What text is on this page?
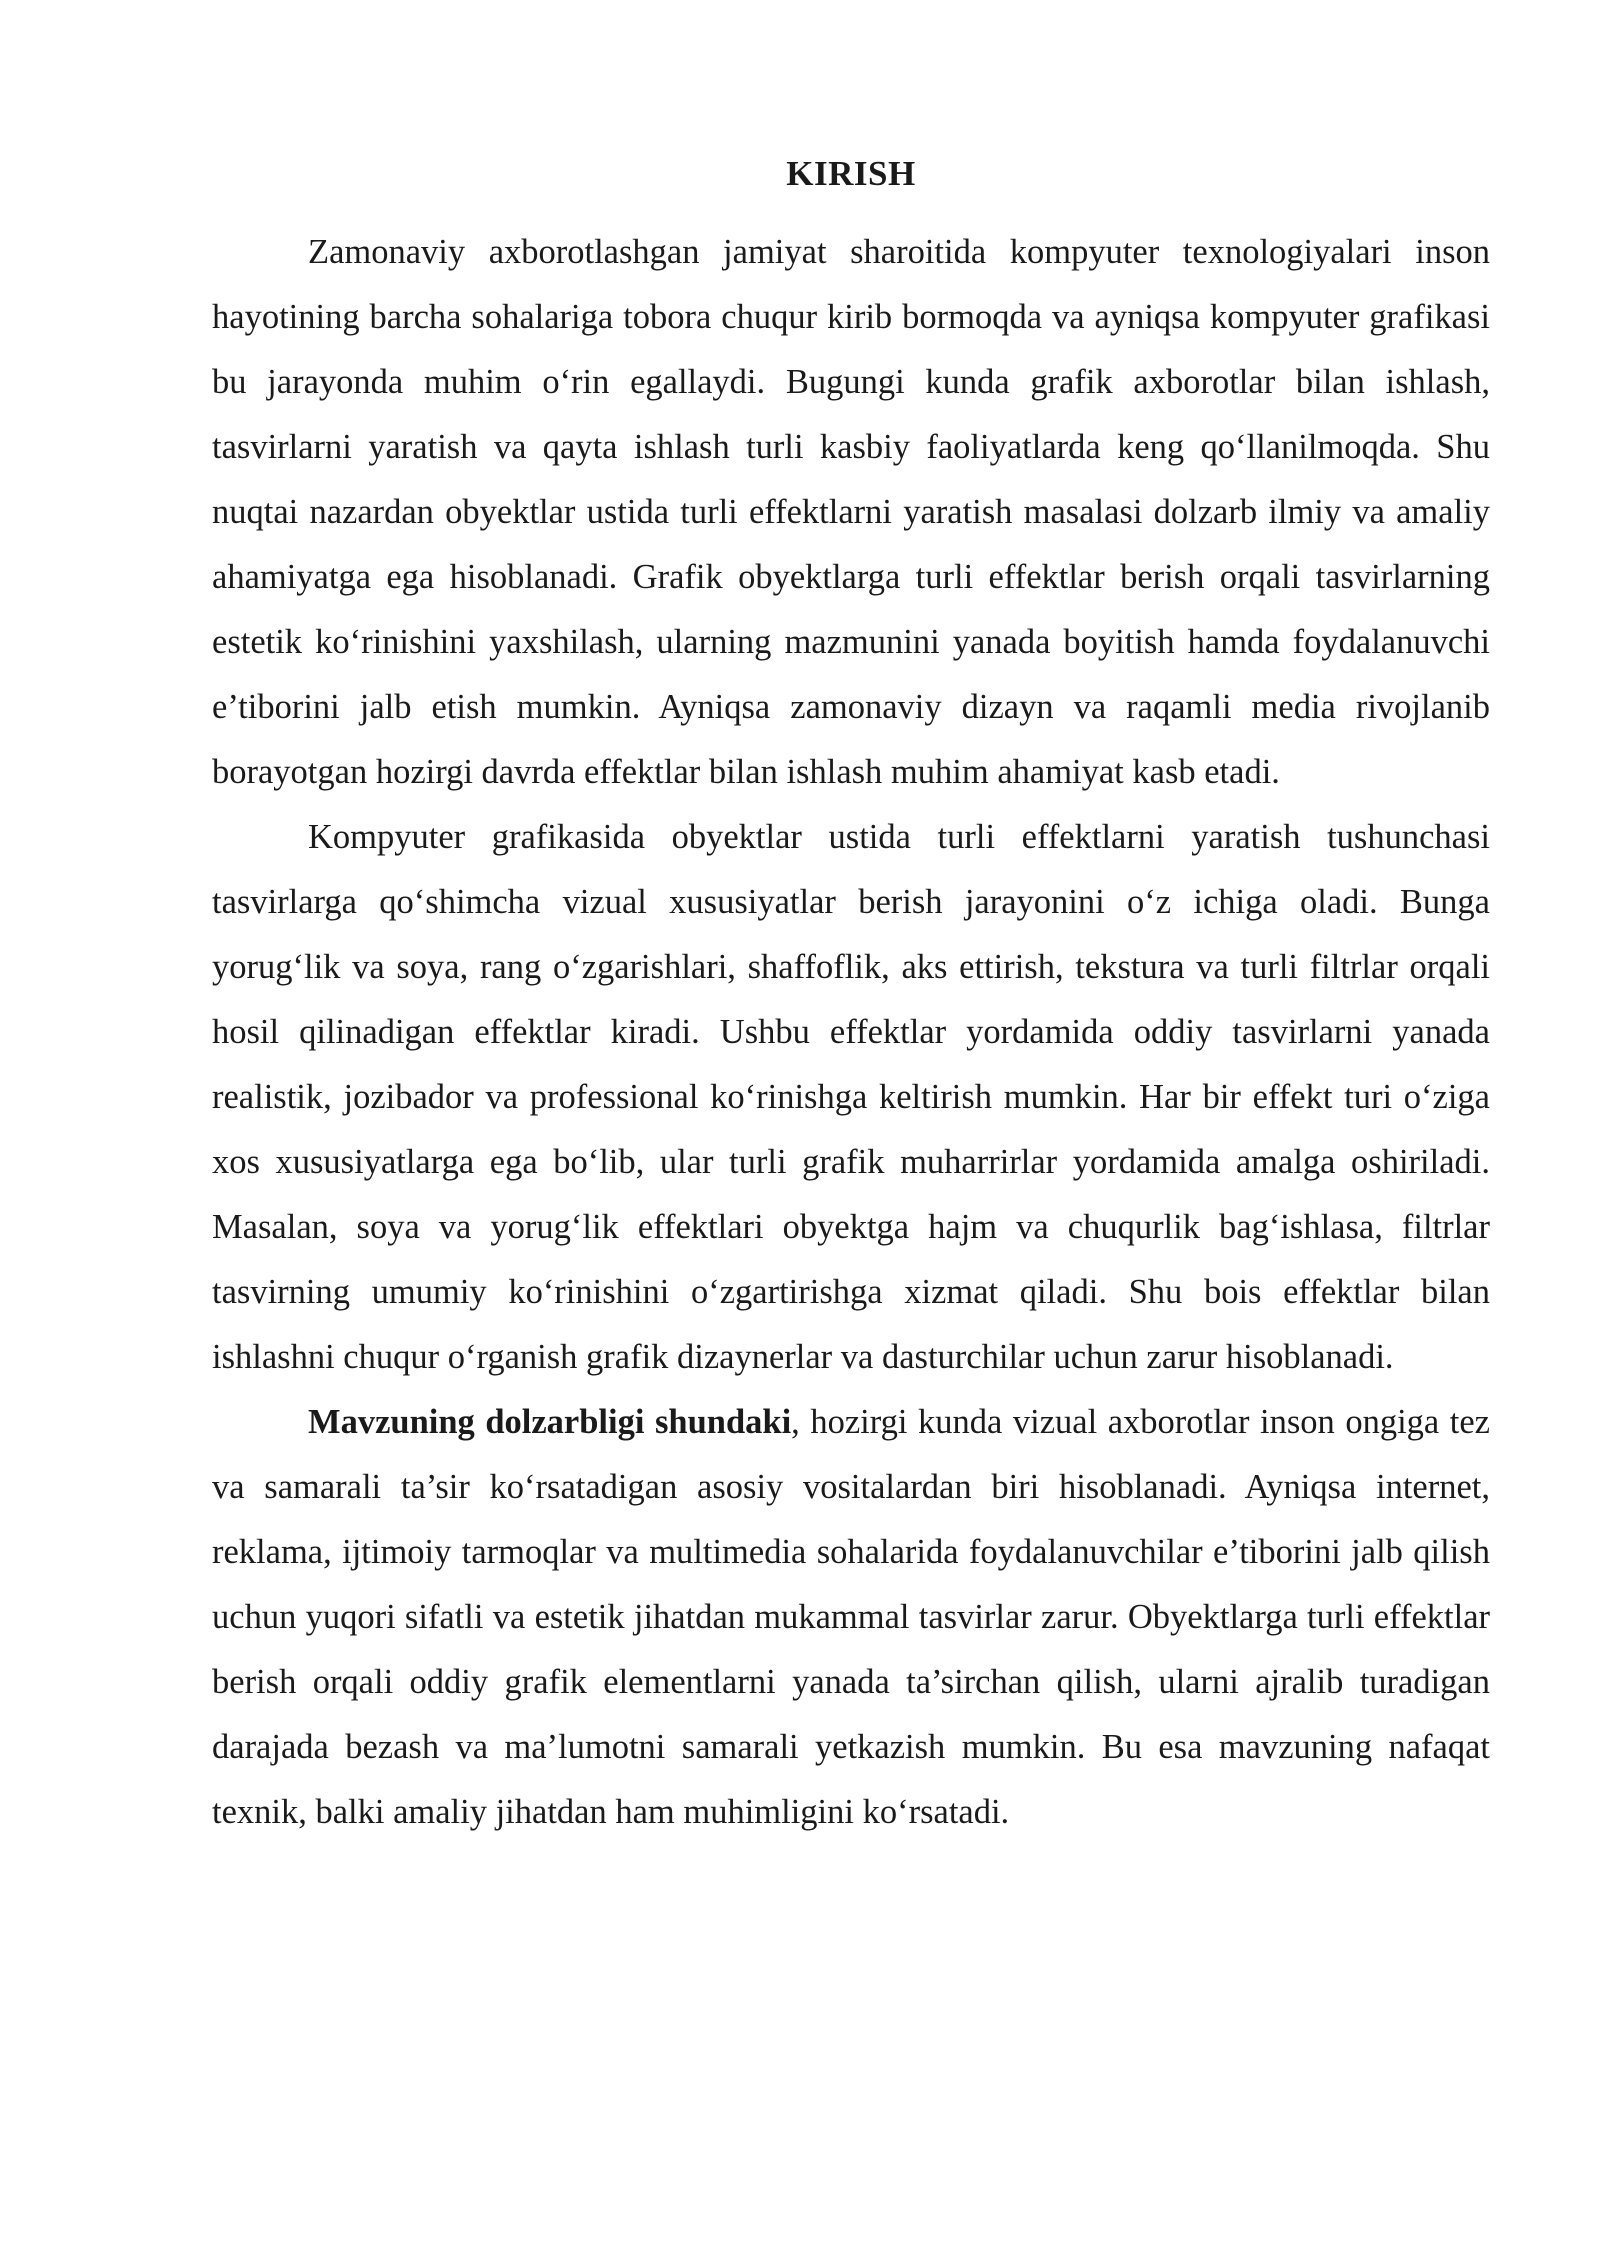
KIRISH

Zamonaviy axborotlashgan jamiyat sharoitida kompyuter texnologiyalari inson hayotining barcha sohalariga tobora chuqur kirib bormoqda va ayniqsa kompyuter grafikasi bu jarayonda muhim o‘rin egallaydi. Bugungi kunda grafik axborotlar bilan ishlash, tasvirlarni yaratish va qayta ishlash turli kasbiy faoliyatlarda keng qo‘llanilmoqda. Shu nuqtai nazardan obyektlar ustida turli effektlarni yaratish masalasi dolzarb ilmiy va amaliy ahamiyatga ega hisoblanadi. Grafik obyektlarga turli effektlar berish orqali tasvirlarning estetik ko‘rinishini yaxshilash, ularning mazmunini yanada boyitish hamda foydalanuvchi e’tiborini jalb etish mumkin. Ayniqsa zamonaviy dizayn va raqamli media rivojlanib borayotgan hozirgi davrda effektlar bilan ishlash muhim ahamiyat kasb etadi.

Kompyuter grafikasida obyektlar ustida turli effektlarni yaratish tushunchasi tasvirlarga qo‘shimcha vizual xususiyatlar berish jarayonini o‘z ichiga oladi. Bunga yorug‘lik va soya, rang o‘zgarishlari, shaffoflik, aks ettirish, tekstura va turli filtrlar orqali hosil qilinadigan effektlar kiradi. Ushbu effektlar yordamida oddiy tasvirlarni yanada realistik, jozibador va professional ko‘rinishga keltirish mumkin. Har bir effekt turi o‘ziga xos xususiyatlarga ega bo‘lib, ular turli grafik muharrirlar yordamida amalga oshiriladi. Masalan, soya va yorug‘lik effektlari obyektga hajm va chuqurlik bag‘ishlasa, filtrlar tasvirning umumiy ko‘rinishini o‘zgartirishga xizmat qiladi. Shu bois effektlar bilan ishlashni chuqur o‘rganish grafik dizaynerlar va dasturchilar uchun zarur hisoblanadi.

Mavzuning dolzarbligi shundaki, hozirgi kunda vizual axborotlar inson ongiga tez va samarali ta’sir ko‘rsatadigan asosiy vositalardan biri hisoblanadi. Ayniqsa internet, reklama, ijtimoiy tarmoqlar va multimedia sohalarida foydalanuvchilar e’tiborini jalb qilish uchun yuqori sifatli va estetik jihatdan mukammal tasvirlar zarur. Obyektlarga turli effektlar berish orqali oddiy grafik elementlarni yanada ta’sirchan qilish, ularni ajralib turadigan darajada bezash va ma’lumotni samarali yetkazish mumkin. Bu esa mavzuning nafaqat texnik, balki amaliy jihatdan ham muhimligini ko‘rsatadi.
